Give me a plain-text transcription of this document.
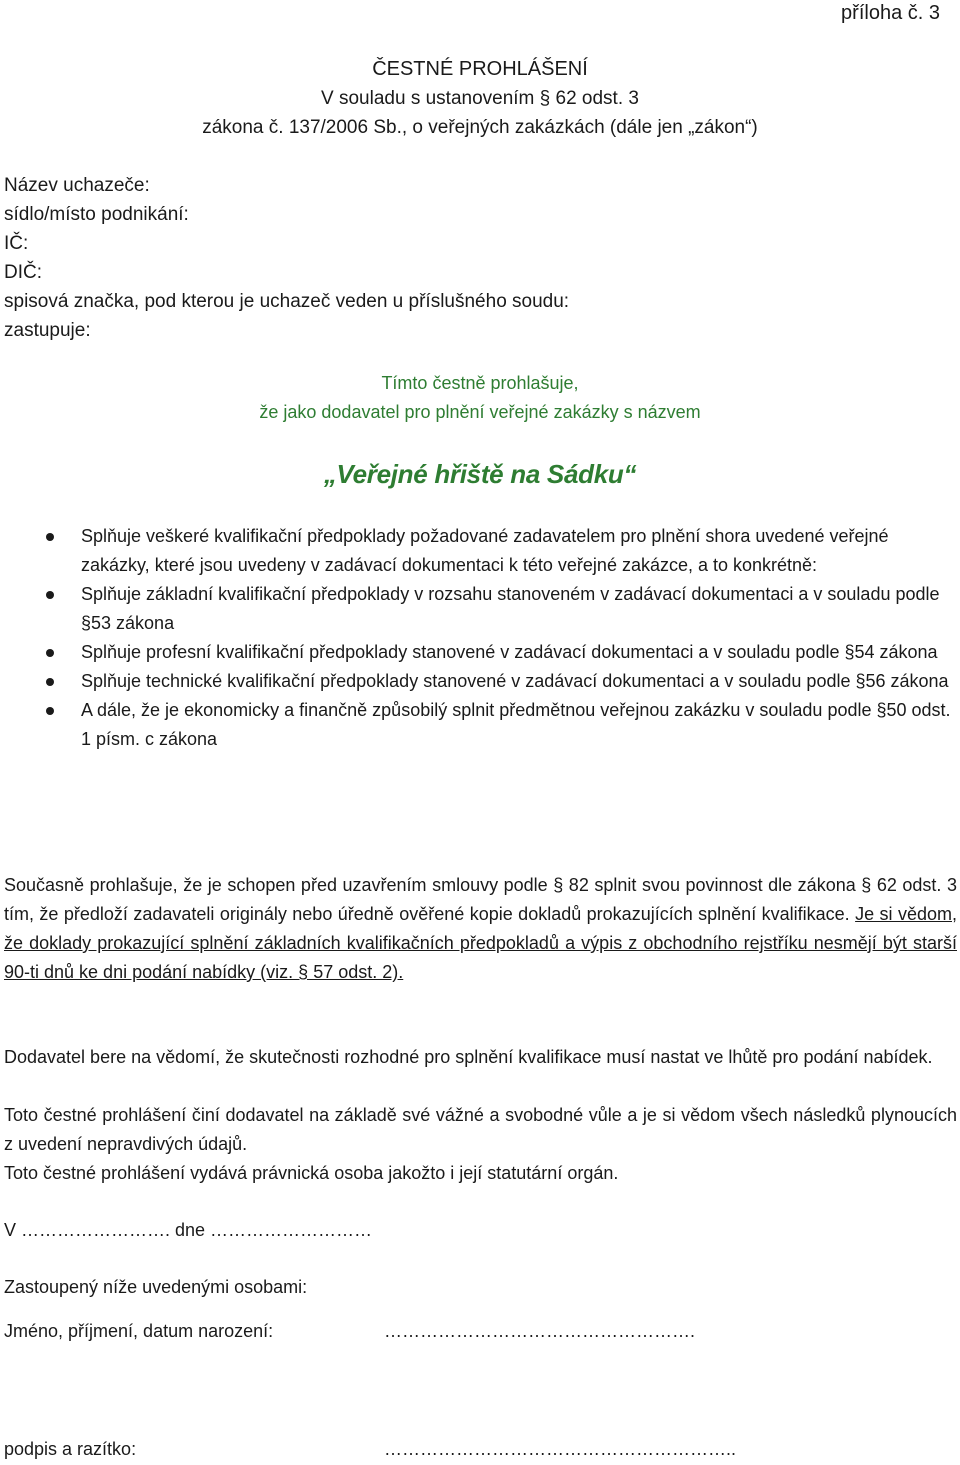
příloha č. 3
ČESTNÉ PROHLÁŠENÍ
V souladu s ustanovením § 62 odst. 3
zákona č. 137/2006 Sb., o veřejných zakázkách (dále jen „zákon“)
Název uchazeče:
sídlo/místo podnikání:
IČ:
DIČ:
spisová značka, pod kterou je uchazeč veden u příslušného soudu:
zastupuje:
Tímto čestně prohlašuje,
že jako dodavatel pro plnění veřejné zakázky s názvem
„Veřejné hřiště na Sádku“
Splňuje veškeré kvalifikační předpoklady požadované zadavatelem pro plnění shora uvedené veřejné zakázky, které jsou uvedeny v zadávací dokumentaci k této veřejné zakázce, a to konkrétně:
Splňuje základní kvalifikační předpoklady v rozsahu stanoveném v zadávací dokumentaci a v souladu podle §53 zákona
Splňuje profesní kvalifikační předpoklady stanovené v zadávací dokumentaci a v souladu podle §54 zákona
Splňuje technické kvalifikační předpoklady stanovené v zadávací dokumentaci a v souladu podle §56 zákona
A dále, že je ekonomicky a finančně způsobilý splnit předmětnou veřejnou zakázku v souladu podle §50 odst. 1 písm. c zákona
Současně prohlašuje, že je schopen před uzavřením smlouvy podle § 82 splnit svou povinnost dle zákona § 62 odst. 3 tím, že předloží zadavateli originály nebo úředně ověřené kopie dokladů prokazujících splnění kvalifikace. Je si vědom, že doklady prokazující splnění základních kvalifikačních předpokladů a výpis z obchodního rejstříku nesmějí být starší 90-ti dnů ke dni podání nabídky (viz. § 57 odst. 2).
Dodavatel bere na vědomí, že skutečnosti rozhodné pro splnění kvalifikace musí nastat ve lhůtě pro podání nabídek.
Toto čestné prohlášení činí dodavatel na základě své vážné a svobodné vůle a je si vědom všech následků plynoucích z uvedení nepravdivých údajů.
Toto čestné prohlášení vydává právnická osoba jakožto i její statutární orgán.
V ……………………. dne ………………………
Zastoupený níže uvedenými osobami:
Jméno, příjmení, datum narození:	…………………………………………….
podpis a razítko:	…………………………………………………..
